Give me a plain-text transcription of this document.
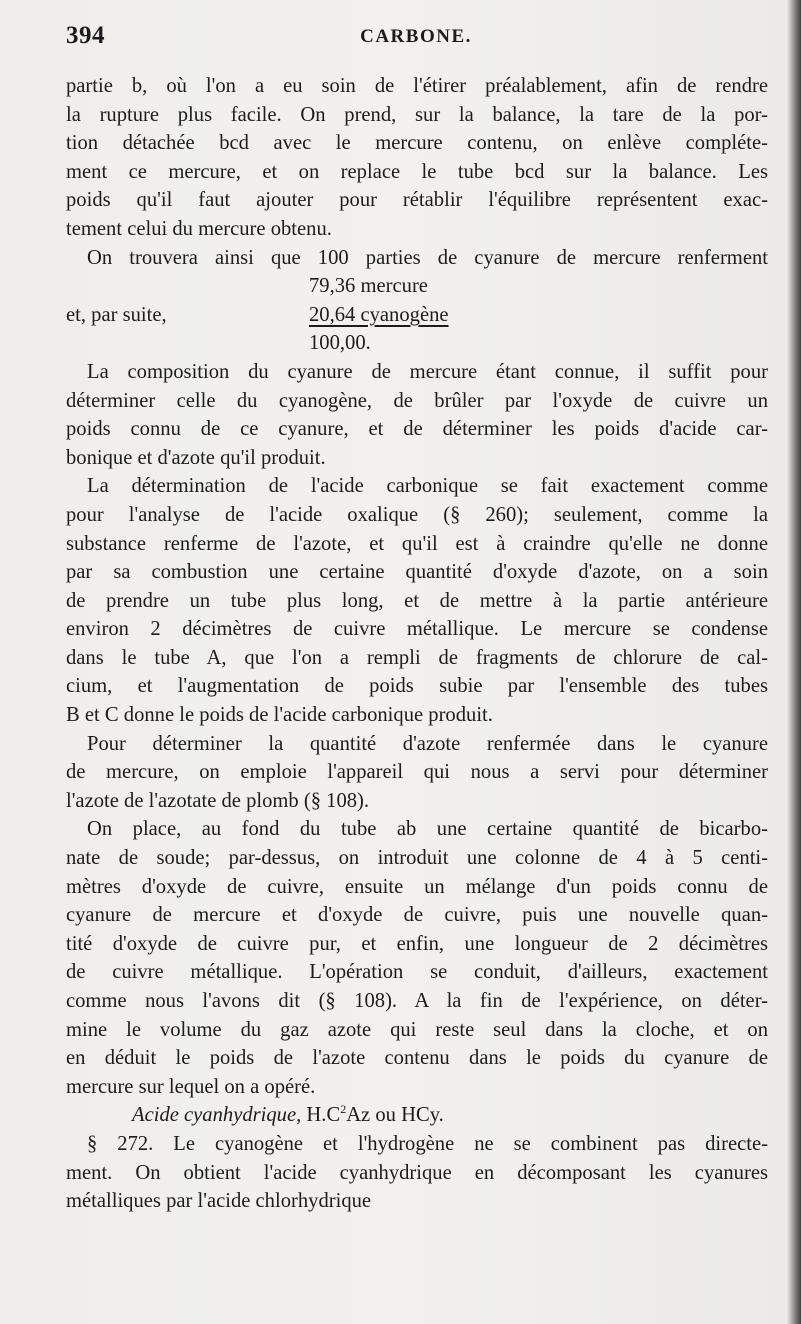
394	CARBONE.
partie b, où l'on a eu soin de l'étirer préalablement, afin de rendre
la rupture plus facile. On prend, sur la balance, la tare de la por-
tion détachée bcd avec le mercure contenu, on enlève compléte-
ment ce mercure, et on replace le tube bcd sur la balance. Les
poids qu'il faut ajouter pour rétablir l'équilibre représentent exac-
tement celui du mercure obtenu.
On trouvera ainsi que 100 parties de cyanure de mercure renferment
79,36 mercure
et, par suite,	20,64 cyanogène
100,00.
La composition du cyanure de mercure étant connue, il suffit pour
déterminer celle du cyanogène, de brûler par l'oxyde de cuivre un
poids connu de ce cyanure, et de déterminer les poids d'acide car-
bonique et d'azote qu'il produit.
La détermination de l'acide carbonique se fait exactement comme
pour l'analyse de l'acide oxalique (§ 260); seulement, comme la
substance renferme de l'azote, et qu'il est à craindre qu'elle ne donne
par sa combustion une certaine quantité d'oxyde d'azote, on a soin
de prendre un tube plus long, et de mettre à la partie antérieure
environ 2 décimètres de cuivre métallique. Le mercure se condense
dans le tube A, que l'on a rempli de fragments de chlorure de cal-
cium, et l'augmentation de poids subie par l'ensemble des tubes
B et C donne le poids de l'acide carbonique produit.
Pour déterminer la quantité d'azote renfermée dans le cyanure
de mercure, on emploie l'appareil qui nous a servi pour déterminer
l'azote de l'azotate de plomb (§ 108).
On place, au fond du tube ab une certaine quantité de bicarbo-
nate de soude; par-dessus, on introduit une colonne de 4 à 5 centi-
mètres d'oxyde de cuivre, ensuite un mélange d'un poids connu de
cyanure de mercure et d'oxyde de cuivre, puis une nouvelle quan-
tité d'oxyde de cuivre pur, et enfin, une longueur de 2 décimètres
de cuivre métallique. L'opération se conduit, d'ailleurs, exactement
comme nous l'avons dit (§ 108). A la fin de l'expérience, on déter-
mine le volume du gaz azote qui reste seul dans la cloche, et on
en déduit le poids de l'azote contenu dans le poids du cyanure de
mercure sur lequel on a opéré.
Acide cyanhydrique, $H.C^2Az$ ou HCy.
§ 272. Le cyanogène et l'hydrogène ne se combinent pas directe-
ment. On obtient l'acide cyanhydrique en décomposant les cyanures
métalliques par l'acide chlorhydrique
